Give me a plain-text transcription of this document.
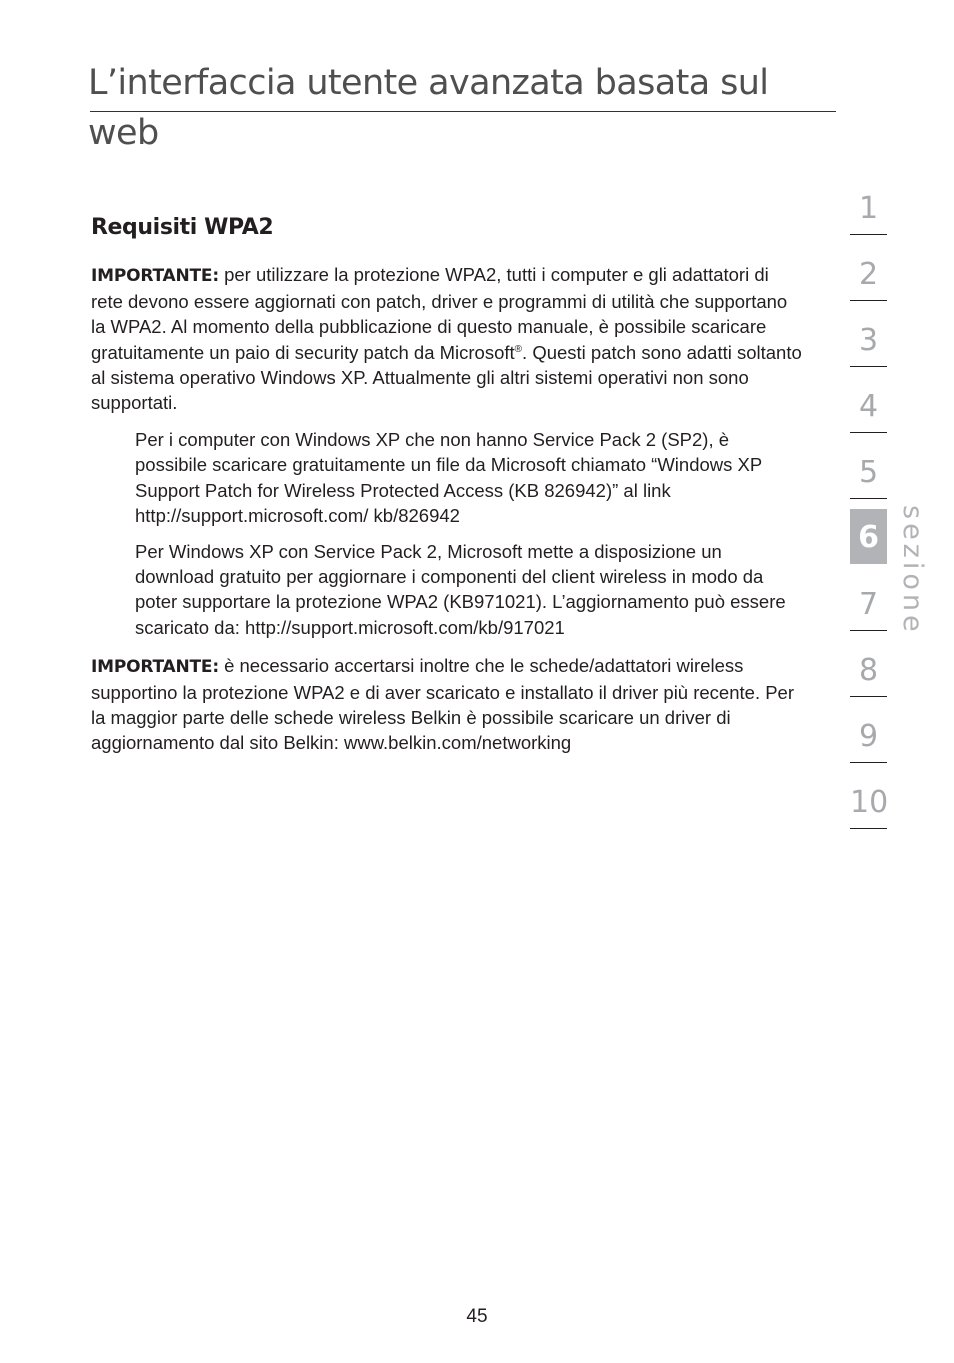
L’interfaccia utente avanzata basata sul web
Requisiti WPA2

IMPORTANTE: per utilizzare la protezione WPA2, tutti i computer e gli adattatori di rete devono essere aggiornati con patch, driver e programmi di utilità che supportano la WPA2. Al momento della pubblicazione di questo manuale, è possibile scaricare gratuitamente un paio di security patch da Microsoft®. Questi patch sono adatti soltanto al sistema operativo Windows XP. Attualmente gli altri sistemi operativi non sono supportati.

Per i computer con Windows XP che non hanno Service Pack 2 (SP2), è possibile scaricare gratuitamente un file da Microsoft chiamato “Windows XP Support Patch for Wireless Protected Access (KB 826942)” al link http://support.microsoft.com/ kb/826942

Per Windows XP con Service Pack 2, Microsoft mette a disposizione un download gratuito per aggiornare i componenti del client wireless in modo da poter supportare la protezione WPA2 (KB971021). L’aggiornamento può essere scaricato da: http://support.microsoft.com/kb/917021

IMPORTANTE: è necessario accertarsi inoltre che le schede/adattatori wireless supportino la protezione WPA2 e di aver scaricato e installato il driver più recente. Per la maggior parte delle schede wireless Belkin è possibile scaricare un driver di aggiornamento dal sito Belkin: www.belkin.com/networking

1
2
3
4
5
6
7
8
9
10
sezione
45
